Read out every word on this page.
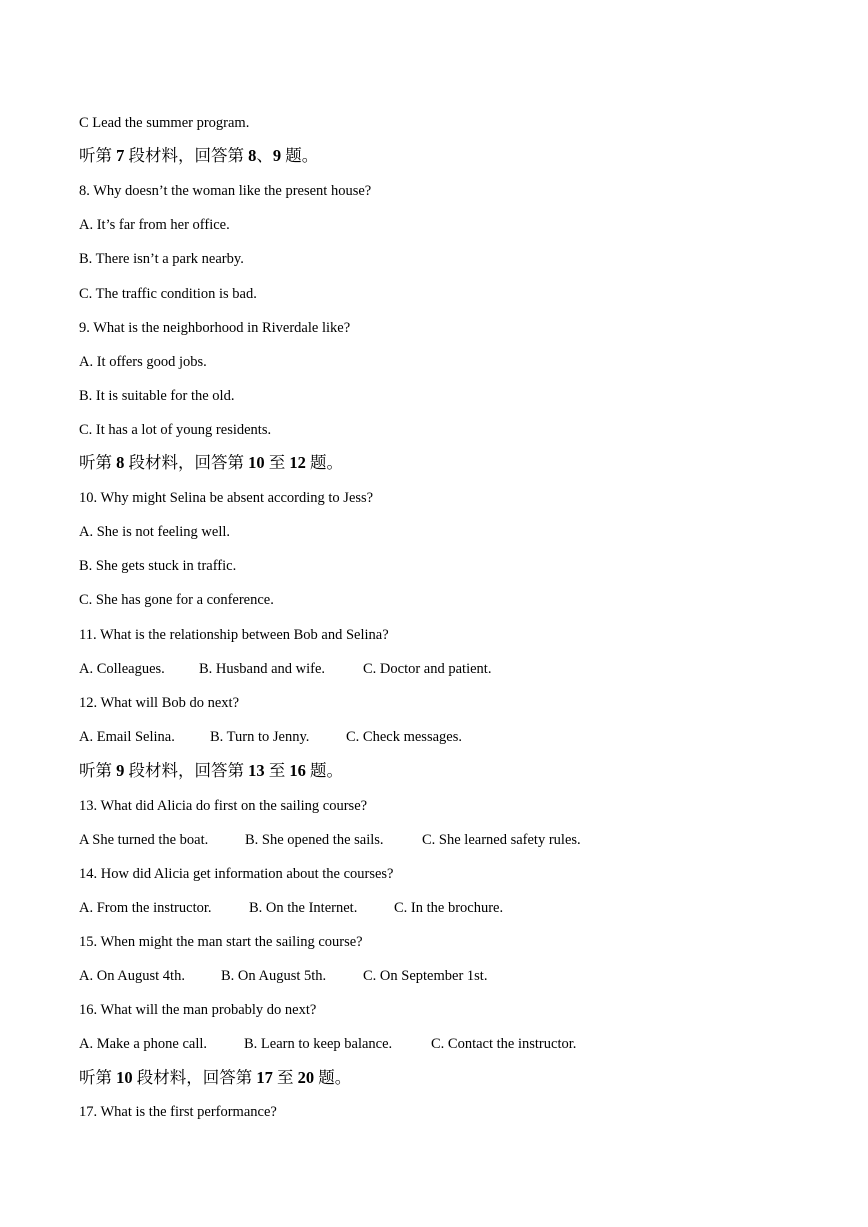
C Lead the summer program.
听第 7 段材料，回答第 8、9 题。
8. Why doesn’t the woman like the present house?
A. It’s far from her office.
B. There isn’t a park nearby.
C. The traffic condition is bad.
9. What is the neighborhood in Riverdale like?
A. It offers good jobs.
B. It is suitable for the old.
C. It has a lot of young residents.
听第 8 段材料，回答第 10 至 12 题。
10. Why might Selina be absent according to Jess?
A. She is not feeling well.
B. She gets stuck in traffic.
C. She has gone for a conference.
11. What is the relationship between Bob and Selina?
A. Colleagues. B. Husband and wife.	C. Doctor and patient.
12. What will Bob do next?
A. Email Selina. B. Turn to Jenny.	C. Check messages.
听第 9 段材料，回答第 13 至 16 题。
13. What did Alicia do first on the sailing course?
A She turned the boat.	B. She opened the sails.	C. She learned safety rules.
14. How did Alicia get information about the courses?
A. From the instructor.	B. On the Internet.	C. In the brochure.
15. When might the man start the sailing course?
A. On August 4th. B. On August 5th.	C. On September 1st.
16. What will the man probably do next?
A. Make a phone call.	B. Learn to keep balance.	C. Contact the instructor.
听第 10 段材料，回答第 17 至 20 题。
17. What is the first performance?
